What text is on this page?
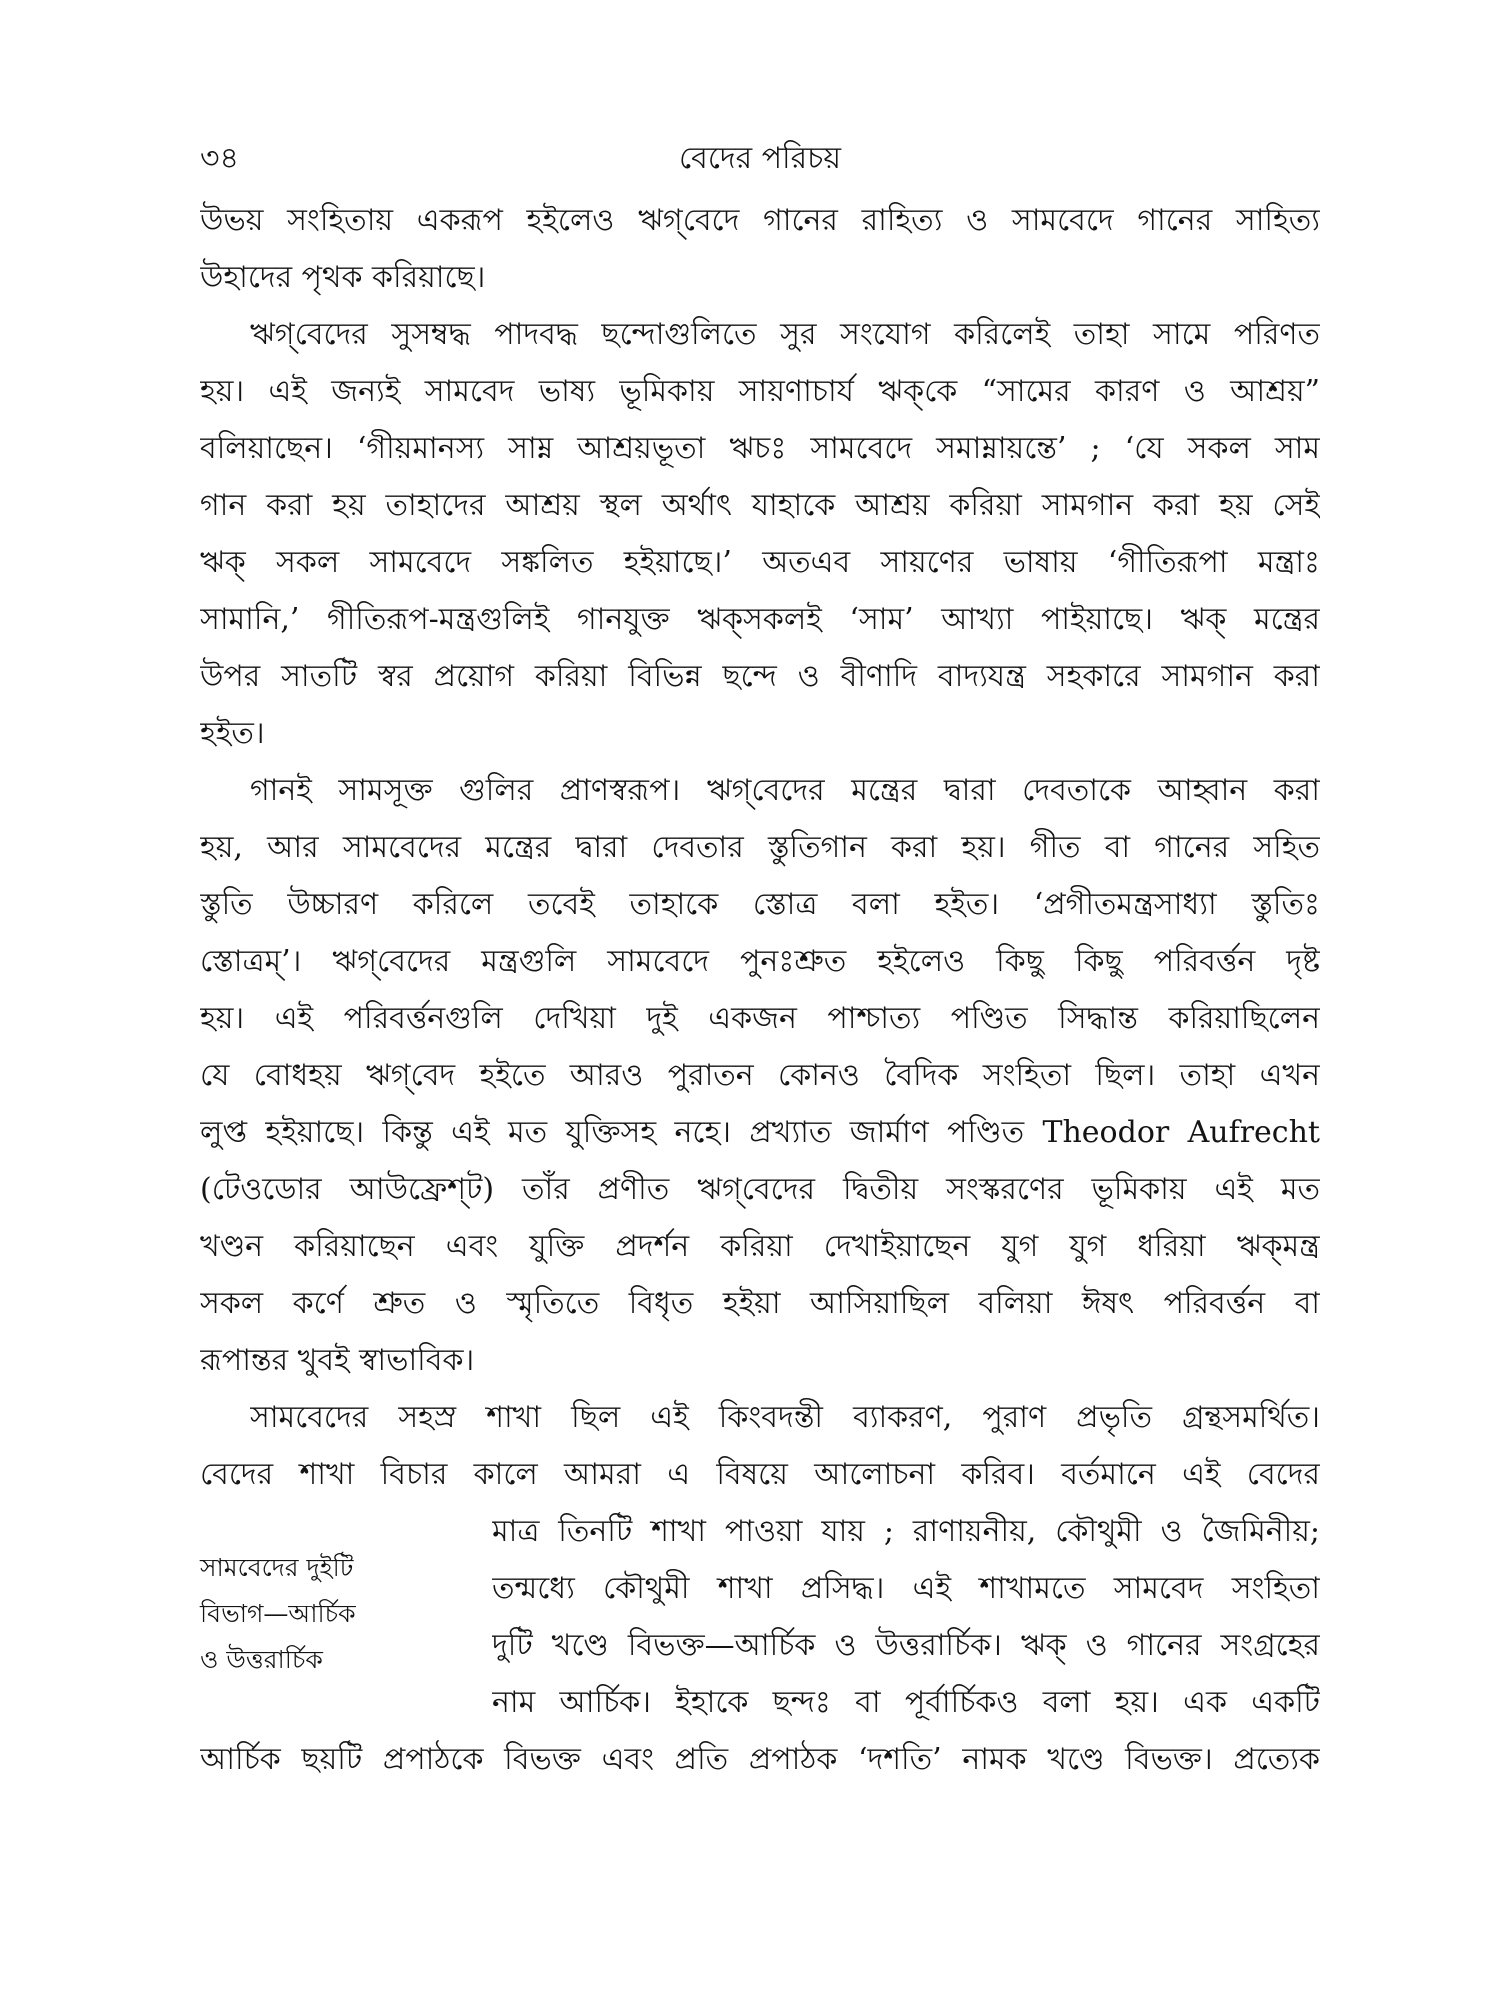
৩৪	বেদের পরিচয়
উভয় সংহিতায় একরূপ হইলেও ঋগ্‌বেদে গানের রাহিত্য ও সামবেদে গানের সাহিত্য
উহাদের পৃথক করিয়াছে।
ঋগ্‌বেদের সুসম্বদ্ধ পাদবদ্ধ ছন্দোগুলিতে সুর সংযোগ করিলেই তাহা সামে পরিণত
হয়। এই জন্যই সামবেদ ভাষ্য ভূমিকায় সায়ণাচার্য ঋক্‌কে “সামের কারণ ও আশ্রয়”
বলিয়াছেন। ‘গীয়মানস্য সাম্ন আশ্রয়ভূতা ঋচঃ সামবেদে সমাম্নায়ন্তে’ ; ‘যে সকল সাম
গান করা হয় তাহাদের আশ্রয় স্থল অর্থাৎ যাহাকে আশ্রয় করিয়া সামগান করা হয় সেই
ঋক্ সকল সামবেদে সঙ্কলিত হইয়াছে।’ অতএব সায়ণের ভাষায় ‘গীতিরূপা মন্ত্রাঃ
সামানি,’ গীতিরূপ-মন্ত্রগুলিই গানযুক্ত ঋক্‌সকলই ‘সাম’ আখ্যা পাইয়াছে। ঋক্ মন্ত্রের
উপর সাতটি স্বর প্রয়োগ করিয়া বিভিন্ন ছন্দে ও বীণাদি বাদ্যযন্ত্র সহকারে সামগান করা
হইত।
গানই সামসূক্ত গুলির প্রাণস্বরূপ। ঋগ্‌বেদের মন্ত্রের দ্বারা দেবতাকে আহ্বান করা
হয়, আর সামবেদের মন্ত্রের দ্বারা দেবতার স্তুতিগান করা হয়। গীত বা গানের সহিত
স্তুতি উচ্চারণ করিলে তবেই তাহাকে স্তোত্র বলা হইত। ‘প্রগীতমন্ত্রসাধ্যা স্তুতিঃ
স্তোত্রম্’। ঋগ্‌বেদের মন্ত্রগুলি সামবেদে পুনঃশ্রুত হইলেও কিছু কিছু পরিবর্ত্তন দৃষ্ট
হয়। এই পরিবর্ত্তনগুলি দেখিয়া দুই একজন পাশ্চাত্য পণ্ডিত সিদ্ধান্ত করিয়াছিলেন
যে বোধহয় ঋগ্‌বেদ হইতে আরও পুরাতন কোনও বৈদিক সংহিতা ছিল। তাহা এখন
লুপ্ত হইয়াছে। কিন্তু এই মত যুক্তিসহ নহে। প্রখ্যাত জার্মাণ পণ্ডিত Theodor Aufrecht
(টেওডোর আউফ্রেশ্‌ট) তাঁর প্রণীত ঋগ্‌বেদের দ্বিতীয় সংস্করণের ভূমিকায় এই মত
খণ্ডন করিয়াছেন এবং যুক্তি প্রদর্শন করিয়া দেখাইয়াছেন যুগ যুগ ধরিয়া ঋক্‌মন্ত্র
সকল কর্ণে শ্রুত ও স্মৃতিতে বিধৃত হইয়া আসিয়াছিল বলিয়া ঈষৎ পরিবর্ত্তন বা
রূপান্তর খুবই স্বাভাবিক।
সামবেদের সহস্র শাখা ছিল এই কিংবদন্তী ব্যাকরণ, পুরাণ প্রভৃতি গ্রন্থসমর্থিত।
বেদের শাখা বিচার কালে আমরা এ বিষয়ে আলোচনা করিব। বর্তমানে এই বেদের
মাত্র তিনটি শাখা পাওয়া যায় ; রাণায়নীয়, কৌথুমী ও জৈমিনীয়;
তন্মধ্যে কৌথুমী শাখা প্রসিদ্ধ। এই শাখামতে সামবেদ সংহিতা
দুটি খণ্ডে বিভক্ত—আর্চিক ও উত্তরার্চিক। ঋক্ ও গানের সংগ্রহের
নাম আর্চিক। ইহাকে ছন্দঃ বা পূর্বার্চিকও বলা হয়। এক একটি
আর্চিক ছয়টি প্রপাঠকে বিভক্ত এবং প্রতি প্রপাঠক ‘দশতি’ নামক খণ্ডে বিভক্ত। প্রত্যেক
সামবেদের দুইটি
বিভাগ—আর্চিক
ও উত্তরার্চিক
